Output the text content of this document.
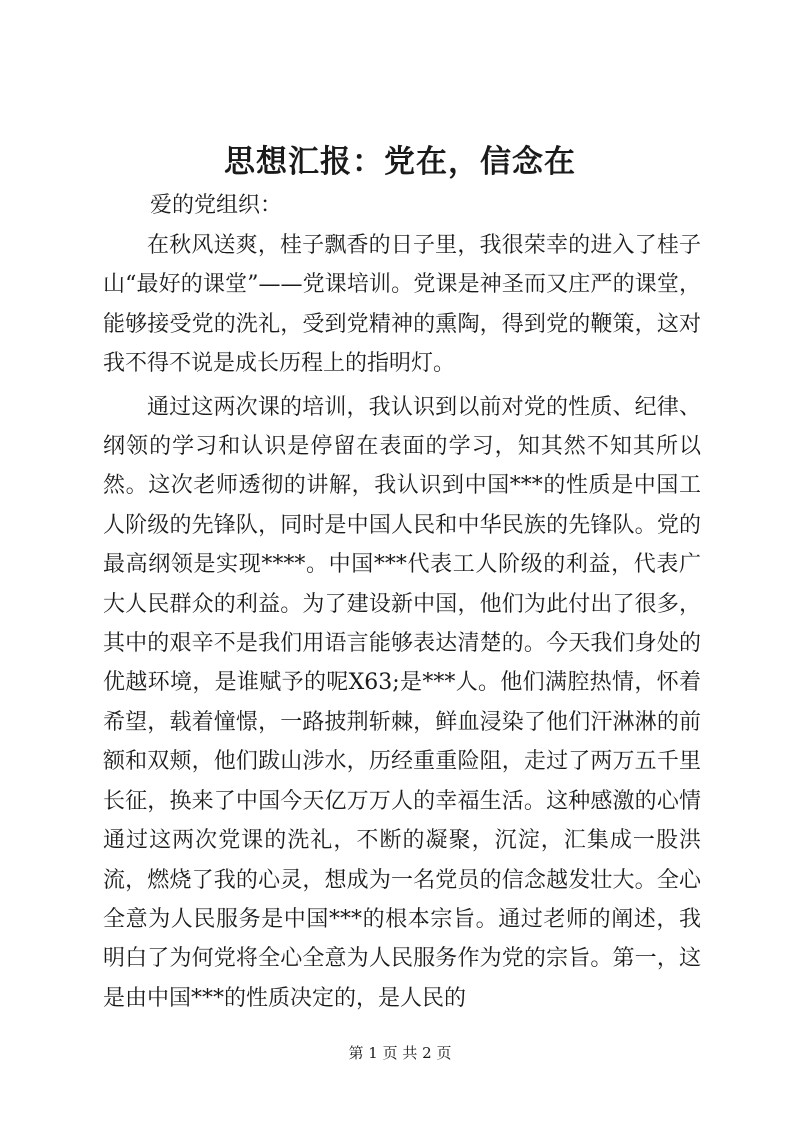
思想汇报：党在，信念在

爱的党组织：

在秋风送爽，桂子飘香的日子里，我很荣幸的进入了桂子山“最好的课堂”——党课培训。党课是神圣而又庄严的课堂，能够接受党的洗礼，受到党精神的熏陶，得到党的鞭策，这对我不得不说是成长历程上的指明灯。

通过这两次课的培训，我认识到以前对党的性质、纪律、纲领的学习和认识是停留在表面的学习，知其然不知其所以然。这次老师透彻的讲解，我认识到中国***的性质是中国工人阶级的先锋队，同时是中国人民和中华民族的先锋队。党的最高纲领是实现****。中国***代表工人阶级的利益，代表广大人民群众的利益。为了建设新中国，他们为此付出了很多，其中的艰辛不是我们用语言能够表达清楚的。今天我们身处的优越环境，是谁赋予的呢X63;是***人。他们满腔热情，怀着希望，载着憧憬，一路披荆斩棘，鲜血浸染了他们汗淋淋的前额和双颊，他们跋山涉水，历经重重险阻，走过了两万五千里长征，换来了中国今天亿万万人的幸福生活。这种感激的心情通过这两次党课的洗礼，不断的凝聚，沉淀，汇集成一股洪流，燃烧了我的心灵，想成为一名党员的信念越发壮大。全心全意为人民服务是中国***的根本宗旨。通过老师的阐述，我明白了为何党将全心全意为人民服务作为党的宗旨。第一，这是由中国***的性质决定的，是人民的

第 1 页 共 2 页
